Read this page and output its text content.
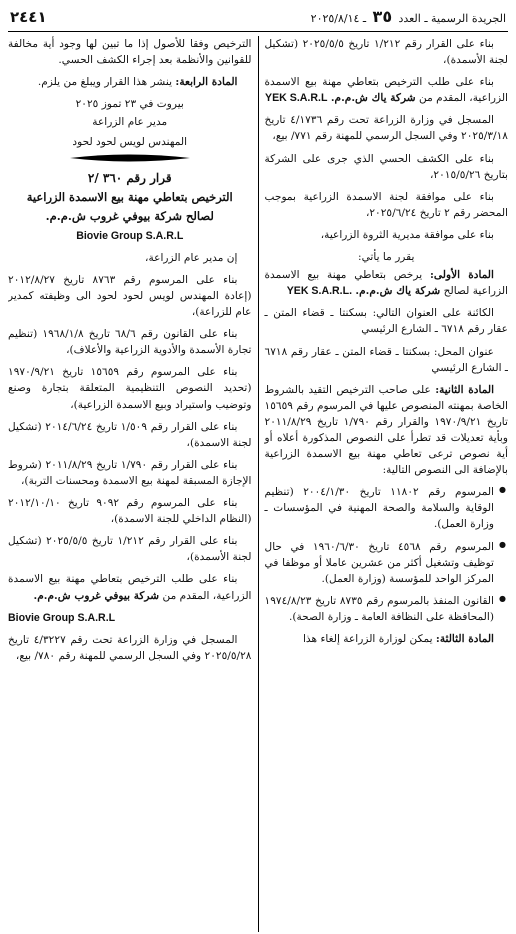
الجريدة الرسمية ـ العدد ٣٥ ـ ٢٠٢٥/٨/١٤
٢٤٤١

بناء على القرار رقم ١/٢١٢ تاريخ ٢٠٢٥/٥/٥ (تشكيل لجنة الأسمدة)،

بناء على طلب الترخيص بتعاطي مهنة بيع الاسمدة الزراعية، المقدم من شركة ياك ش.م.م. YEK S.A.R.L

المسجل في وزارة الزراعة تحت رقم ٤/١٧٣٦ تاريخ ٢٠٢٥/٣/١٨ وفي السجل الرسمي للمهنة رقم ٧٧١/ بيع،

بناء على الكشف الحسي الذي جرى على الشركة بتاريخ ٢٠١٥/٥/٢٦،

بناء على موافقة لجنة الاسمدة الزراعية بموجب المحضر رقم ٢ تاريخ ٢٠٢٥/٦/٢٤،

بناء على موافقة مديرية الثروة الزراعية،

يقرر ما يأتي:

المادة الأولى: يرخص بتعاطي مهنة بيع الاسمدة الزراعية لصالح شركة ياك ش.م.م. YEK S.A.R.L.

الكائنة على العنوان التالي: بسكنتا ـ قضاء المتن ـ عقار رقم ٦٧١٨ ـ الشارع الرئيسي

عنوان المحل: بسكنتا ـ قضاء المتن ـ عقار رقم ٦٧١٨ ـ الشارع الرئيسي

المادة الثانية: على صاحب الترخيص التقيد بالشروط الخاصة بمهنته المنصوص عليها في المرسوم رقم ١٥٦٥٩ تاريخ ١٩٧٠/٩/٢١ والقرار رقم ١/٧٩٠ تاريخ ٢٠١١/٨/٢٩ وبأية تعديلات قد تطرأ على النصوص المذكورة أعلاه أو أية نصوص ترعى تعاطي مهنة بيع الاسمدة الزراعية بالإضافة الى النصوص التالية:

● المرسوم رقم ١١٨٠٢ تاريخ ٢٠٠٤/١/٣٠ (تنظيم الوقاية والسلامة والصحة المهنية في المؤسسات ـ وزارة العمل).

● المرسوم رقم ٤٥٦٨ تاريخ ١٩٦٠/٦/٣٠ في حال توظيف وتشغيل أكثر من عشرين عاملا أو موظفا في المركز الواحد للمؤسسة (وزارة العمل).

● القانون المنفذ بالمرسوم رقم ٨٧٣٥ تاريخ ١٩٧٤/٨/٢٣ (المحافظة على النظافة العامة ـ وزارة الصحة).

المادة الثالثة: يمكن لوزارة الزراعة إلغاء هذا

الترخيص وفقا للأصول إذا ما تبين لها وجود أية مخالفة للقوانين والأنظمة بعد إجراء الكشف الحسي.

المادة الرابعة: ينشر هذا القرار ويبلغ من يلزم.

بيروت في ٢٣ تموز ٢٠٢٥

مدير عام الزراعة

المهندس لويس لحود لحود

قرار رقم ٣٦٠ /٢

الترخيص بتعاطي مهنة بيع الاسمدة الزراعية

لصالح شركة بيوفي غروب ش.م.م.

Biovie Group S.A.R.L

إن مدير عام الزراعة،

بناء على المرسوم رقم ٨٧٦٣ تاريخ ٢٠١٢/٨/٢٧ (إعادة المهندس لويس لحود لحود الى وظيفته كمدير عام للزراعة)،

بناء على القانون رقم ٦٨/٦ تاريخ ١٩٦٨/١/٨ (تنظيم تجارة الأسمدة والأدوية الزراعية والأعلاف)،

بناء على المرسوم رقم ١٥٦٥٩ تاريخ ١٩٧٠/٩/٢١ (تحديد النصوص التنظيمية المتعلقة بتجارة وصنع وتوضيب واستيراد وبيع الاسمدة الزراعية)،

بناء على القرار رقم ١/٥٠٩ تاريخ ٢٠١٤/٦/٢٤ (تشكيل لجنة الاسمدة)،

بناء على القرار رقم ١/٧٩٠ تاريخ ٢٠١١/٨/٢٩ (شروط الإجازة المسبقة لمهنة بيع الاسمدة ومحسنات التربة)،

بناء على المرسوم رقم ٩٠٩٢ تاريخ ٢٠١٢/١٠/١٠ (النظام الداخلي للجنة الاسمدة)،

بناء على القرار رقم ١/٢١٢ تاريخ ٢٠٢٥/٥/٥ (تشكيل لجنة الأسمدة)،

بناء على طلب الترخيص بتعاطي مهنة بيع الاسمدة الزراعية، المقدم من شركة بيوفي غروب ش.م.م.

Biovie Group S.A.R.L

المسجل في وزارة الزراعة تحت رقم ٤/٣٢٢٧ تاريخ ٢٠٢٥/٥/٢٨ وفي السجل الرسمي للمهنة رقم ٧٨٠/ بيع،
